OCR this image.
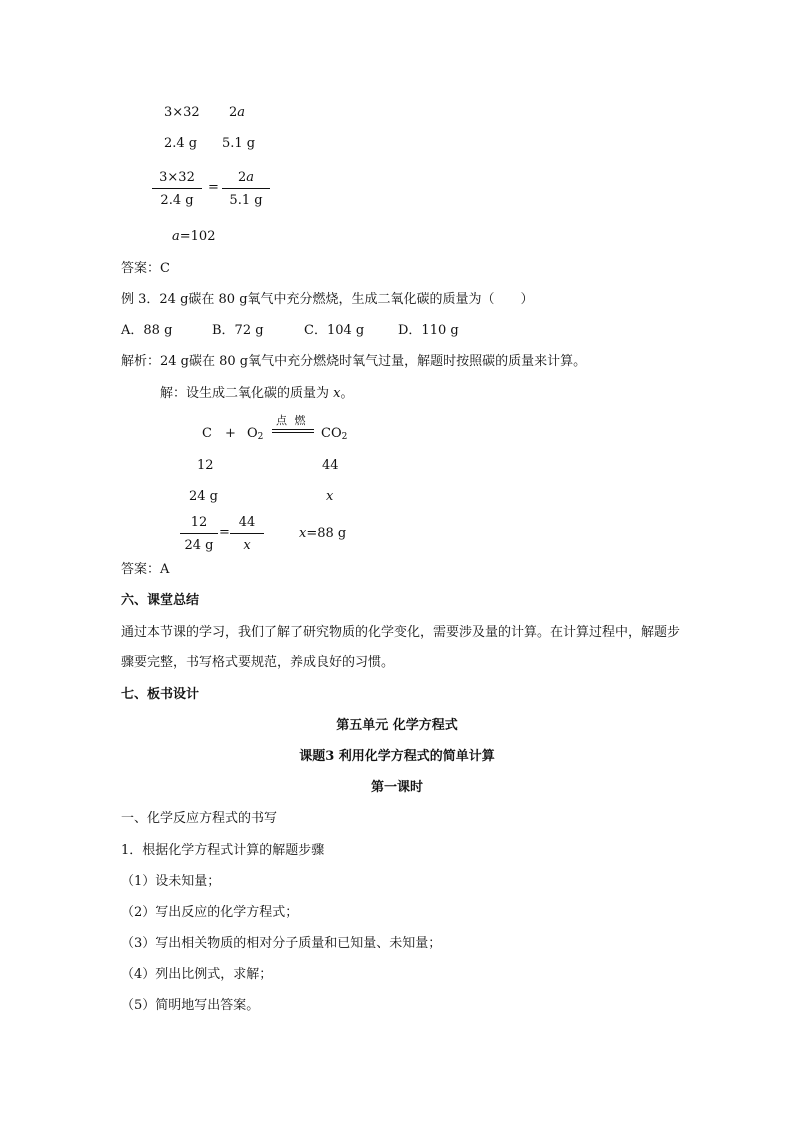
3×32 2a
2.4 g 5.1 g
$\frac{3\times 32}{2.4 g} = \frac{2a}{5.1 g}$
a=102
答案：C
例 3．24 g碳在 80 g氧气中充分燃烧，生成二氧化碳的质量为（　　）
A．88 g	B．72 g	C．104 g	D．110 g
解析：24 g碳在 80 g氧气中充分燃烧时氧气过量，解题时按照碳的质量来计算。
解：设生成二氧化碳的质量为 x。
$C + O_2$
点 燃
$CO_2$
12	44
24 g	x
$\frac{12}{24 g} = \frac{44}{x}$	x=88 g
答案：A
六、课堂总结
通过本节课的学习，我们了解了研究物质的化学变化，需要涉及量的计算。在计算过程中，解题步骤要完整，书写格式要规范，养成良好的习惯。
七、板书设计
第五单元 化学方程式
课题3 利用化学方程式的简单计算
第一课时
一、化学反应方程式的书写
1．根据化学方程式计算的解题步骤
（1）设未知量；
（2）写出反应的化学方程式；
（3）写出相关物质的相对分子质量和已知量、未知量；
（4）列出比例式，求解；
（5）简明地写出答案。
